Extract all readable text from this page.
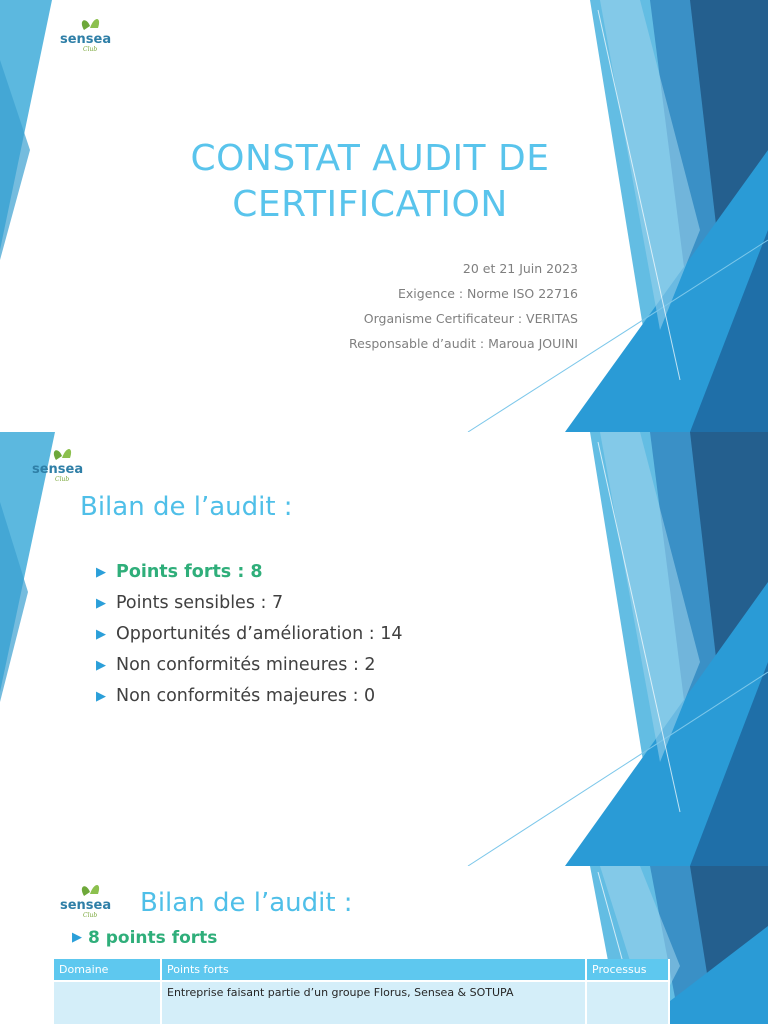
sensea
Club
CONSTAT AUDIT DE
CERTIFICATION
20 et 21 Juin 2023
Exigence : Norme ISO 22716
Organisme Certificateur : VERITAS
Responsable d’audit : Maroua JOUINI
sensea
Club
Bilan de l’audit :
▶ Points forts : 8
▶ Points sensibles : 7
▶ Opportunités d’amélioration : 14
▶ Non conformités mineures : 2
▶ Non conformités majeures : 0
sensea
Club Bilan de l’audit :
▶ 8 points forts
Domaine	Points forts	Processus
	Entreprise faisant partie d’un groupe Florus, Sensea & SOTUPA	
